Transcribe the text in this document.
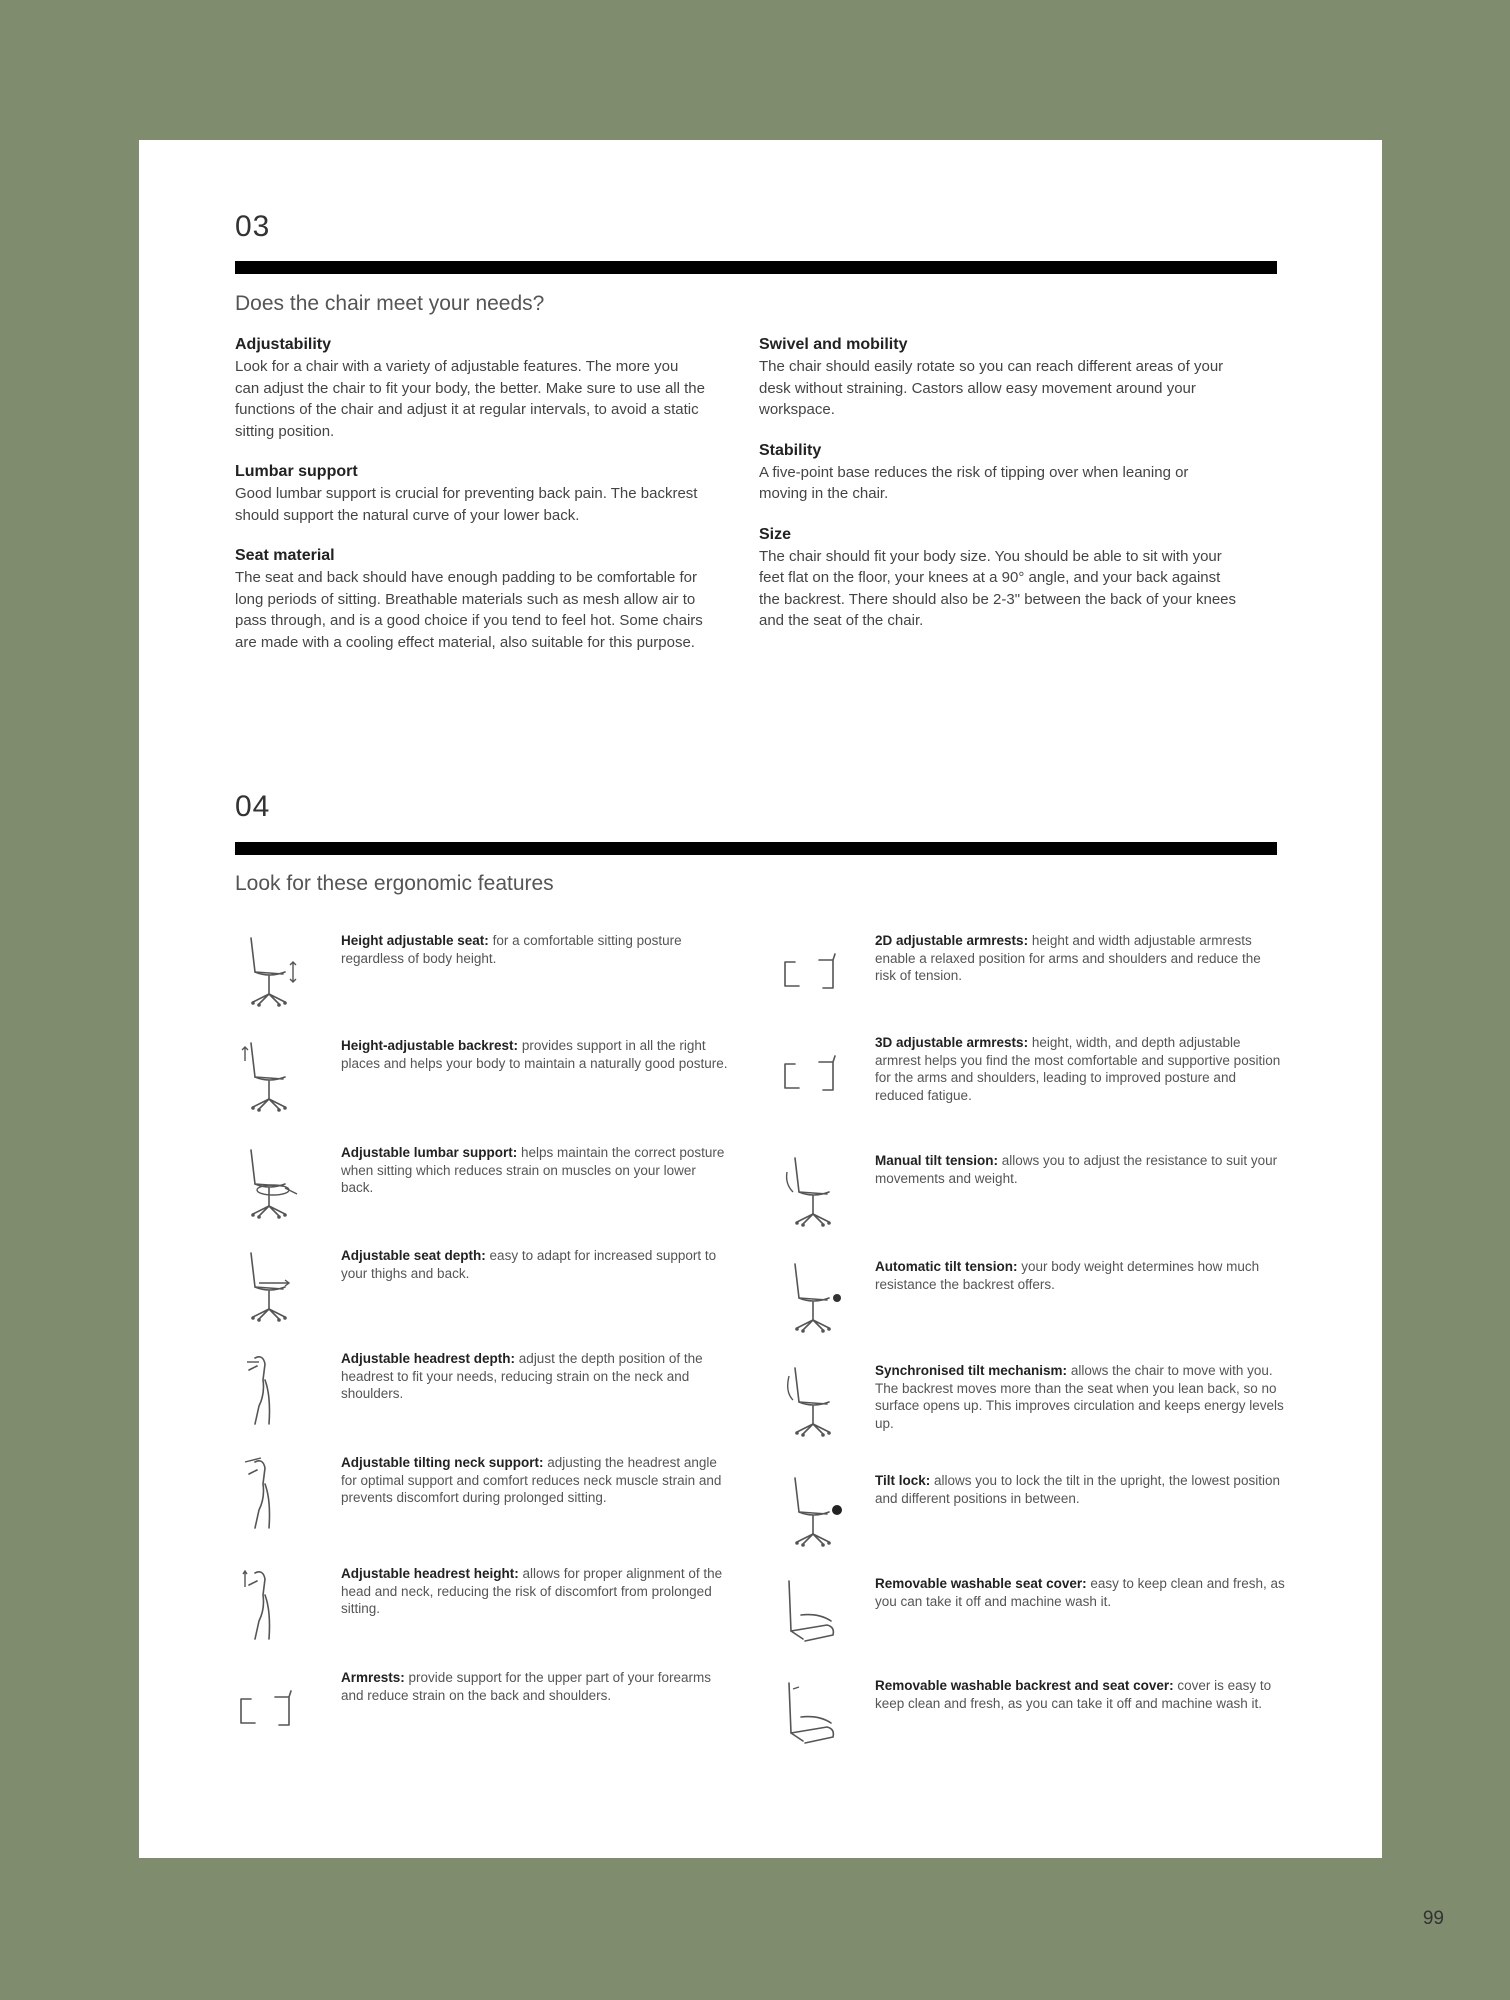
03
Does the chair meet your needs?
Adjustability

Look for a chair with a variety of adjustable features. The more you can adjust the chair to fit your body, the better. Make sure to use all the functions of the chair and adjust it at regular intervals, to avoid a static sitting position.

Lumbar support

Good lumbar support is crucial for preventing back pain. The backrest should support the natural curve of your lower back.

Seat material

The seat and back should have enough padding to be comfortable for long periods of sitting. Breathable materials such as mesh allow air to pass through, and is a good choice if you tend to feel hot. Some chairs are made with a cooling effect material, also suitable for this purpose.

Swivel and mobility

The chair should easily rotate so you can reach different areas of your desk without straining. Castors allow easy movement around your workspace.

Stability

A five-point base reduces the risk of tipping over when leaning or moving in the chair.

Size

The chair should fit your body size. You should be able to sit with your feet flat on the floor, your knees at a 90° angle, and your back against the backrest. There should also be 2-3" between the back of your knees and the seat of the chair.

04
Look for these ergonomic features
Height adjustable seat: for a comfortable sitting posture regardless of body height.
Height-adjustable backrest: provides support in all the right places and helps your body to maintain a naturally good posture.
Adjustable lumbar support: helps maintain the correct posture when sitting which reduces strain on muscles on your lower back.
Adjustable seat depth: easy to adapt for increased support to your thighs and back.
Adjustable headrest depth: adjust the depth position of the headrest to fit your needs, reducing strain on the neck and shoulders.
Adjustable tilting neck support: adjusting the headrest angle for optimal support and comfort reduces neck muscle strain and prevents discomfort during prolonged sitting.
Adjustable headrest height: allows for proper alignment of the head and neck, reducing the risk of discomfort from prolonged sitting.
Armrests: provide support for the upper part of your forearms and reduce strain on the back and shoulders.
2D adjustable armrests: height and width adjustable armrests enable a relaxed position for arms and shoulders and reduce the risk of tension.
3D adjustable armrests: height, width, and depth adjustable armrest helps you find the most comfortable and supportive position for the arms and shoulders, leading to improved posture and reduced fatigue.
Manual tilt tension: allows you to adjust the resistance to suit your movements and weight.
Automatic tilt tension: your body weight determines how much resistance the backrest offers.
Synchronised tilt mechanism: allows the chair to move with you. The backrest moves more than the seat when you lean back, so no surface opens up. This improves circulation and keeps energy levels up.
Tilt lock: allows you to lock the tilt in the upright, the lowest position and different positions in between.
Removable washable seat cover: easy to keep clean and fresh, as you can take it off and machine wash it.
Removable washable backrest and seat cover: cover is easy to keep clean and fresh, as you can take it off and machine wash it.
99
